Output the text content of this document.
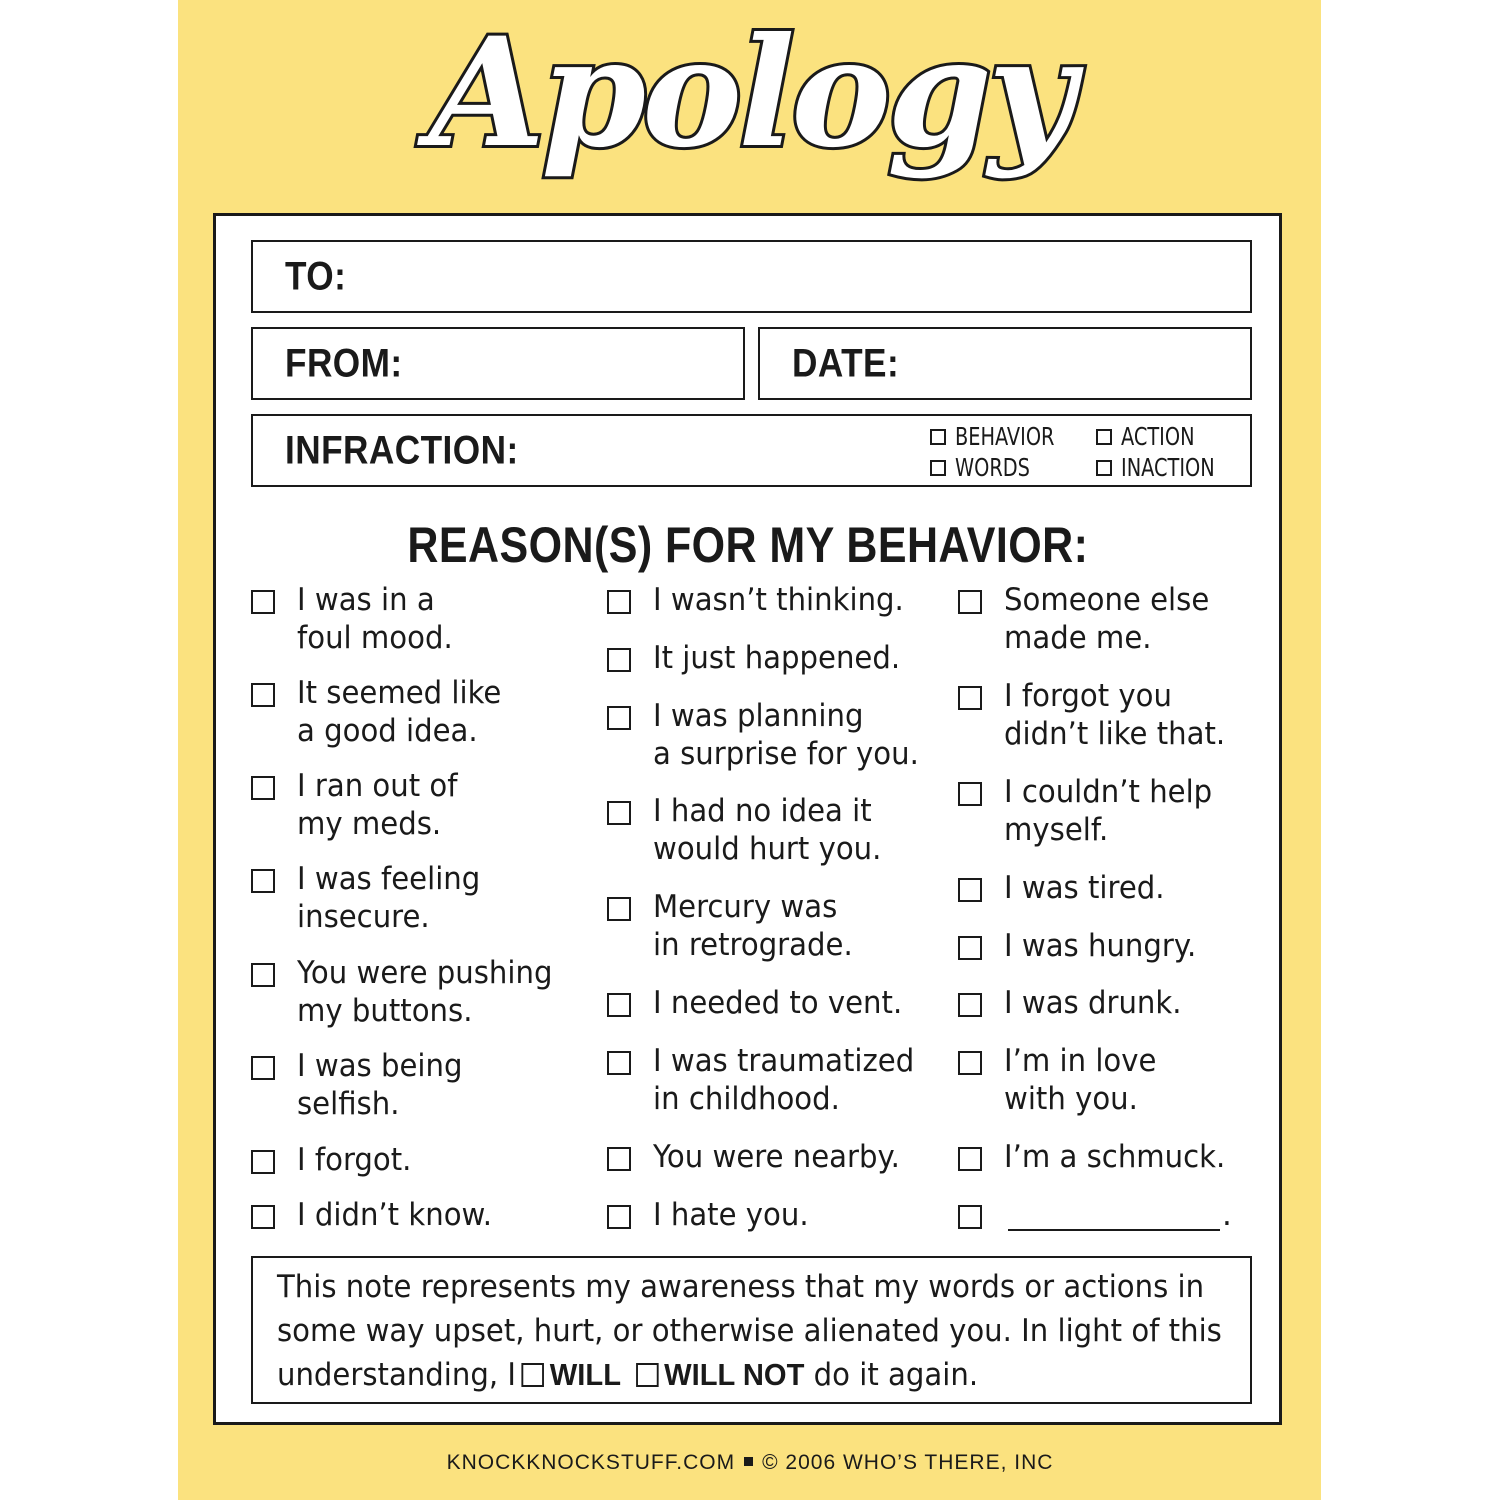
Apology
TO:
FROM:	DATE:
INFRACTION:	BEHAVIOR	ACTION
WORDS	INACTION
REASON(S) FOR MY BEHAVIOR:
I was in a
foul mood.
It seemed like
a good idea.
I ran out of
my meds.
I was feeling
insecure.
You were pushing
my buttons.
I was being
selfish.
I forgot.
I didn’t know.
I wasn’t thinking.
It just happened.
I was planning
a surprise for you.
I had no idea it
would hurt you.
Mercury was
in retrograde.
I needed to vent.
I was traumatized
in childhood.
You were nearby.
I hate you.
Someone else
made me.
I forgot you
didn’t like that.
I couldn’t help
myself.
I was tired.
I was hungry.
I was drunk.
I’m in love
with you.
I’m a schmuck.
.
This note represents my awareness that my words or actions in
some way upset, hurt, or otherwise alienated you. In light of this
understanding, I WILL WILL NOT do it again.
KNOCKKNOCKSTUFF.COM © 2006 WHO’S THERE, INC
